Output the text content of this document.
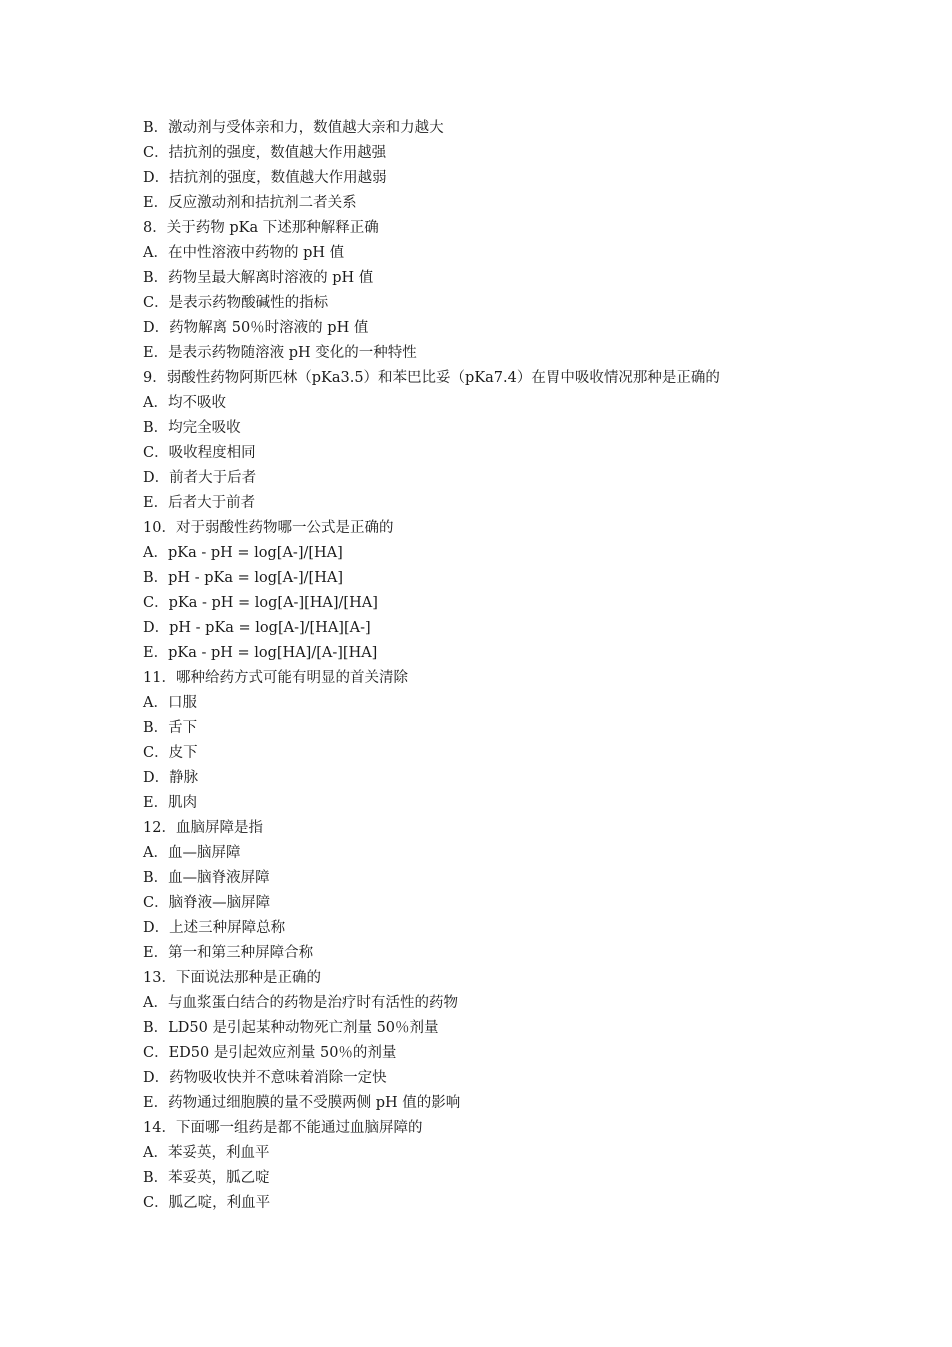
B．激动剂与受体亲和力，数值越大亲和力越大
C．拮抗剂的强度，数值越大作用越强
D．拮抗剂的强度，数值越大作用越弱
E．反应激动剂和拮抗剂二者关系
8．关于药物 pKa 下述那种解释正确
A．在中性溶液中药物的 pH 值
B．药物呈最大解离时溶液的 pH 值
C．是表示药物酸碱性的指标
D．药物解离 50％时溶液的 pH 值
E．是表示药物随溶液 pH 变化的一种特性
9．弱酸性药物阿斯匹林（pKa3.5）和苯巴比妥（pKa7.4）在胃中吸收情况那种是正确的
A．均不吸收
B．均完全吸收
C．吸收程度相同
D．前者大于后者
E．后者大于前者
10．对于弱酸性药物哪一公式是正确的
A．pKa - pH = log[A-]/[HA]
B．pH - pKa = log[A-]/[HA]
C．pKa - pH = log[A-][HA]/[HA]
D．pH - pKa = log[A-]/[HA][A-]
E．pKa - pH = log[HA]/[A-][HA]
11．哪种给药方式可能有明显的首关清除
A．口服
B．舌下
C．皮下
D．静脉
E．肌肉
12．血脑屏障是指
A．血—脑屏障
B．血—脑脊液屏障
C．脑脊液—脑屏障
D．上述三种屏障总称
E．第一和第三种屏障合称
13．下面说法那种是正确的
A．与血浆蛋白结合的药物是治疗时有活性的药物
B．LD50 是引起某种动物死亡剂量 50％剂量
C．ED50 是引起效应剂量 50％的剂量
D．药物吸收快并不意味着消除一定快
E．药物通过细胞膜的量不受膜两侧 pH 值的影响
14．下面哪一组药是都不能通过血脑屏障的
A．苯妥英，利血平
B．苯妥英，胍乙啶
C．胍乙啶，利血平
